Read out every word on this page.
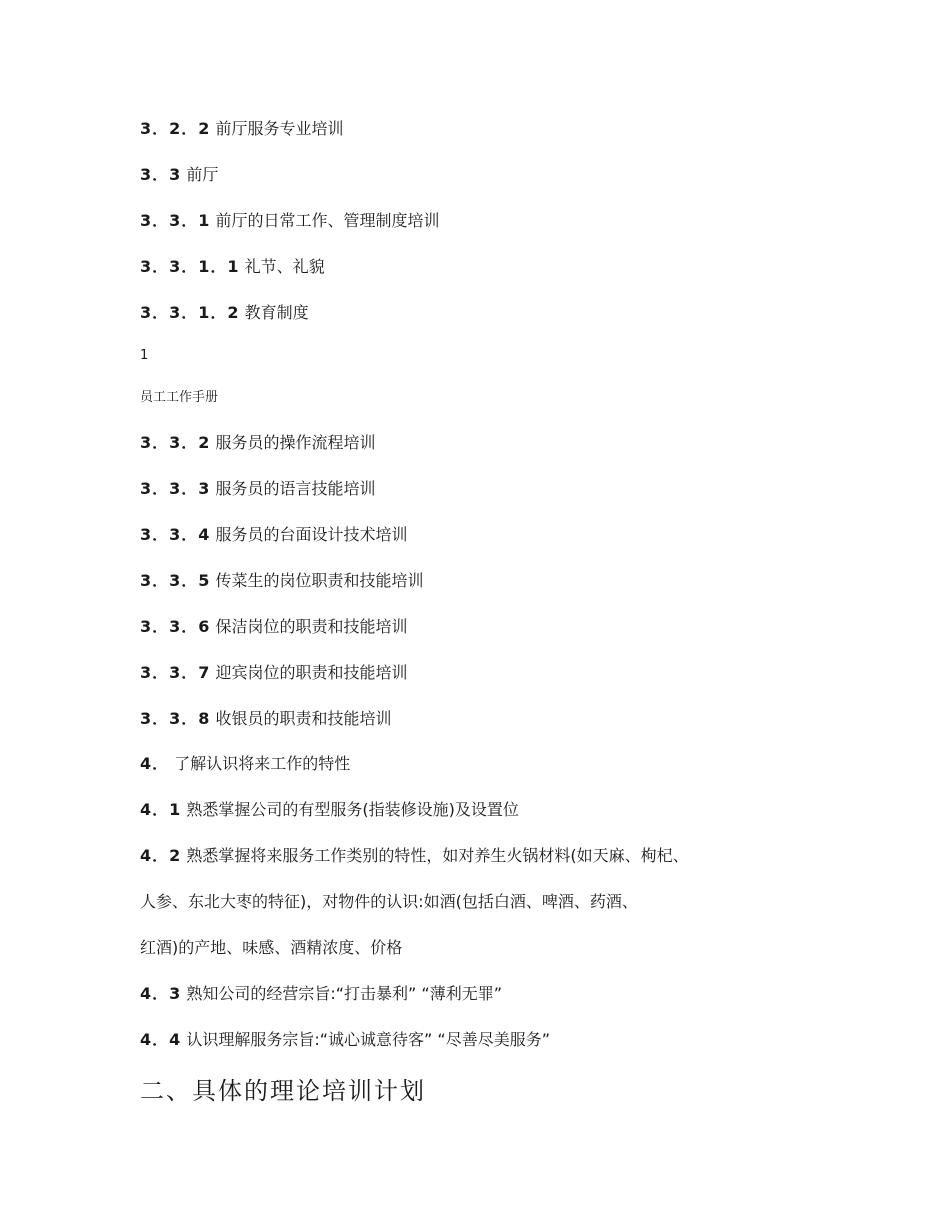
3．2．2 前厅服务专业培训
3．3 前厅
3．3．1 前厅的日常工作、管理制度培训
3．3．1．1 礼节、礼貌
3．3．1．2 教育制度
1
员工工作手册
3．3．2 服务员的操作流程培训
3．3．3 服务员的语言技能培训
3．3．4 服务员的台面设计技术培训
3．3．5 传菜生的岗位职责和技能培训
3．3．6 保洁岗位的职责和技能培训
3．3．7 迎宾岗位的职责和技能培训
3．3．8 收银员的职责和技能培训
4． 了解认识将来工作的特性
4．1 熟悉掌握公司的有型服务(指装修设施)及设置位
4．2 熟悉掌握将来服务工作类别的特性，如对养生火锅材料(如天麻、枸杞、
人参、东北大枣的特征)，对物件的认识:如酒(包括白酒、啤酒、药酒、
红酒)的产地、味感、酒精浓度、价格
4．3 熟知公司的经营宗旨:“打击暴利” “薄利无罪”
4．4 认识理解服务宗旨:“诚心诚意待客” “尽善尽美服务”
二、具体的理论培训计划
